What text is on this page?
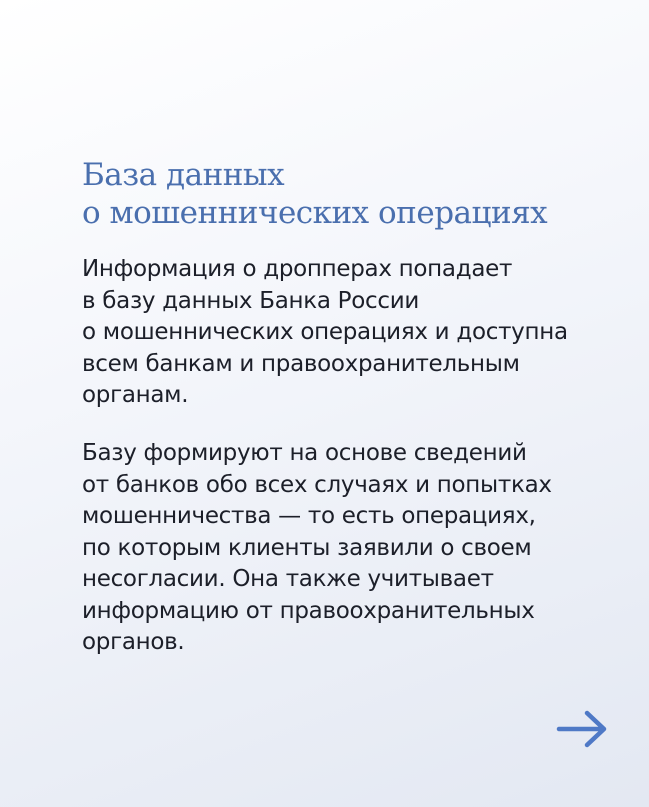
База данных
о мошеннических операциях

Информация о дропперах попадает
в базу данных Банка России
о мошеннических операциях и доступна
всем банкам и правоохранительным
органам.

Базу формируют на основе сведений
от банков обо всех случаях и попытках
мошенничества — то есть операциях,
по которым клиенты заявили о своем
несогласии. Она также учитывает
информацию от правоохранительных
органов.
